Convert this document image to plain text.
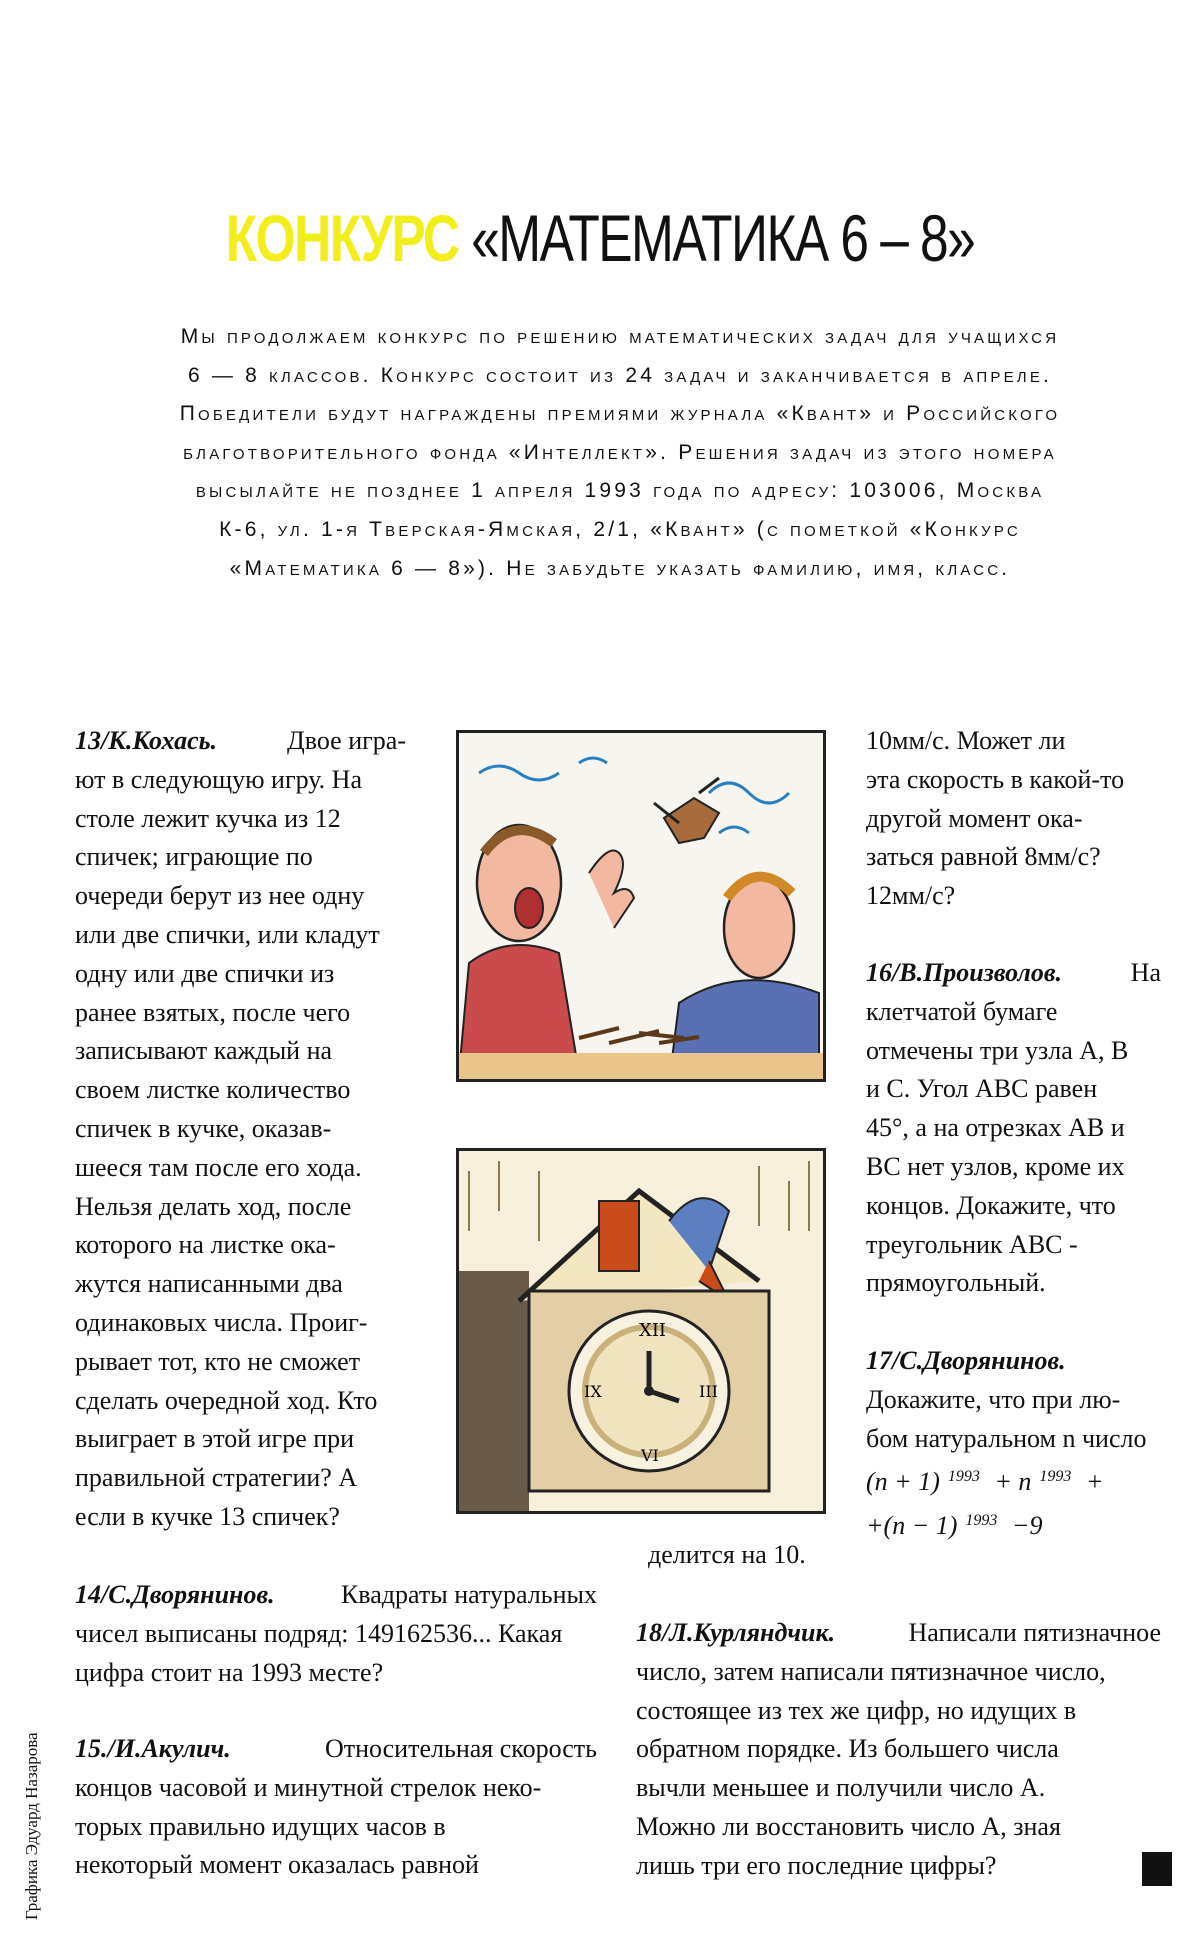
КОНКУРС «МАТЕМАТИКА 6 – 8»
Мы продолжаем конкурс по решению математических задач для учащихся
6 — 8 классов. Конкурс состоит из 24 задач и заканчивается в апреле.
Победители будут награждены премиями журнала «Квант» и Российского
благотворительного фонда «Интеллект». Решения задач из этого номера
высылайте не позднее 1 апреля 1993 года по адресу: 103006, Москва
К-6, ул. 1-я Тверская-Ямская, 2/1, «Квант» (с пометкой «Конкурс
«Математика 6 — 8»). Не забудьте указать фамилию, имя, класс.
13/К.Кохась.	Двое игра-
ют в следующую игру. На
столе лежит кучка из 12
спичек; играющие по
очереди берут из нее одну
или две спички, или кладут
одну или две спички из
ранее взятых, после чего
записывают каждый на
своем листке количество
спичек в кучке, оказав-
шееся там после его хода.
Нельзя делать ход, после
которого на листке ока-
жутся написанными два
одинаковых числа. Проиг-
рывает тот, кто не сможет
сделать очередной ход. Кто
выиграет в этой игре при
правильной стратегии? А
если в кучке 13 спичек?
XII
III
VI
IX
10мм/с. Может ли
эта скорость в какой-то
другой момент ока-
заться равной 8мм/с?
12мм/с?
16/В.Произволов.	На
клетчатой бумаге
отмечены три узла А, В
и С. Угол ABC равен
45°, а на отрезках АВ и
ВС нет узлов, кроме их
концов. Докажите, что
треугольник ABC -
прямоугольный.
17/С.Дворянинов.
Докажите, что при лю-
бом натуральном n число
(n + 1) $^{1993}$ + n $^{1993}$ +
+(n − 1) $^{1993}$ −9
делится на 10.
14/С.Дворянинов.	Квадраты натуральных
чисел выписаны подряд: 149162536... Какая
цифра стоит на 1993 месте?
15./И.Акулич.	Относительная скорость
концов часовой и минутной стрелок неко-
торых правильно идущих часов в
некоторый момент оказалась равной
18/Л.Курляндчик.	Написали пятизначное
число, затем написали пятизначное число,
состоящее из тех же цифр, но идущих в
обратном порядке. Из большего числа
вычли меньшее и получили число А.
Можно ли восстановить число А, зная
лишь три его последние цифры?
Графика Эдуард Назарова
